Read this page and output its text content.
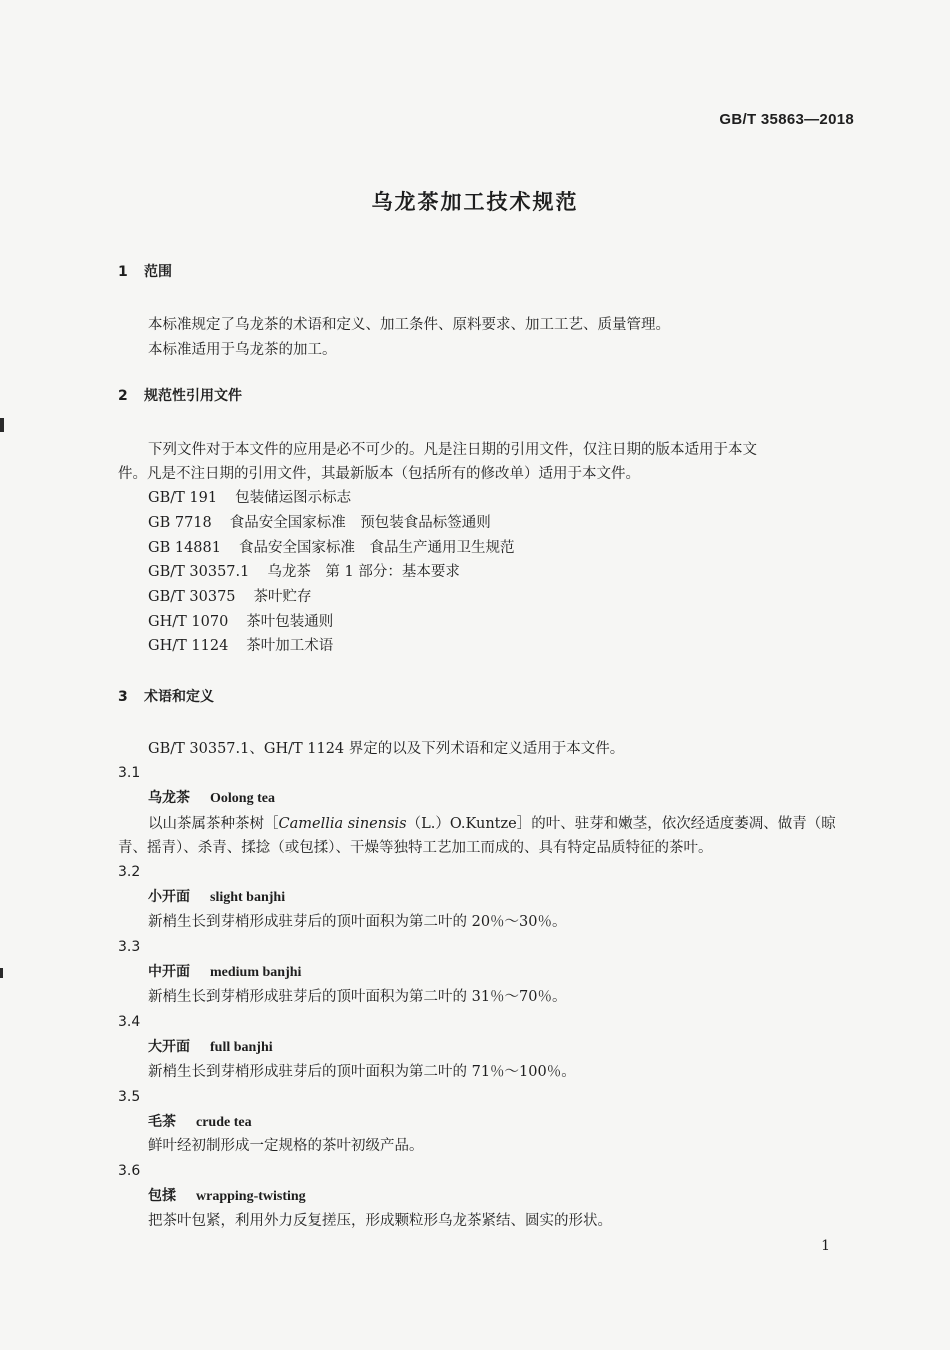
GB/T 35863—2018
乌龙茶加工技术规范
1 范围
本标准规定了乌龙茶的术语和定义、加工条件、原料要求、加工工艺、质量管理。
本标准适用于乌龙茶的加工。
2 规范性引用文件
下列文件对于本文件的应用是必不可少的。凡是注日期的引用文件，仅注日期的版本适用于本文
件。凡是不注日期的引用文件，其最新版本（包括所有的修改单）适用于本文件。
GB/T 191 包装储运图示标志
GB 7718 食品安全国家标准　预包装食品标签通则
GB 14881 食品安全国家标准　食品生产通用卫生规范
GB/T 30357.1 乌龙茶　第 1 部分：基本要求
GB/T 30375 茶叶贮存
GH/T 1070 茶叶包装通则
GH/T 1124 茶叶加工术语
3 术语和定义
GB/T 30357.1、GH/T 1124 界定的以及下列术语和定义适用于本文件。
3.1
乌龙茶 Oolong tea
以山茶属茶种茶树［Camellia sinensis（L.）O.Kuntze］的叶、驻芽和嫩茎，依次经适度萎凋、做青（晾
青、摇青）、杀青、揉捻（或包揉）、干燥等独特工艺加工而成的、具有特定品质特征的茶叶。
3.2
小开面 slight banjhi
新梢生长到芽梢形成驻芽后的顶叶面积为第二叶的 20％～30％。
3.3
中开面 medium banjhi
新梢生长到芽梢形成驻芽后的顶叶面积为第二叶的 31％～70％。
3.4
大开面 full banjhi
新梢生长到芽梢形成驻芽后的顶叶面积为第二叶的 71％～100％。
3.5
毛茶 crude tea
鲜叶经初制形成一定规格的茶叶初级产品。
3.6
包揉 wrapping-twisting
把茶叶包紧，利用外力反复搓压，形成颗粒形乌龙茶紧结、圆实的形状。
1
